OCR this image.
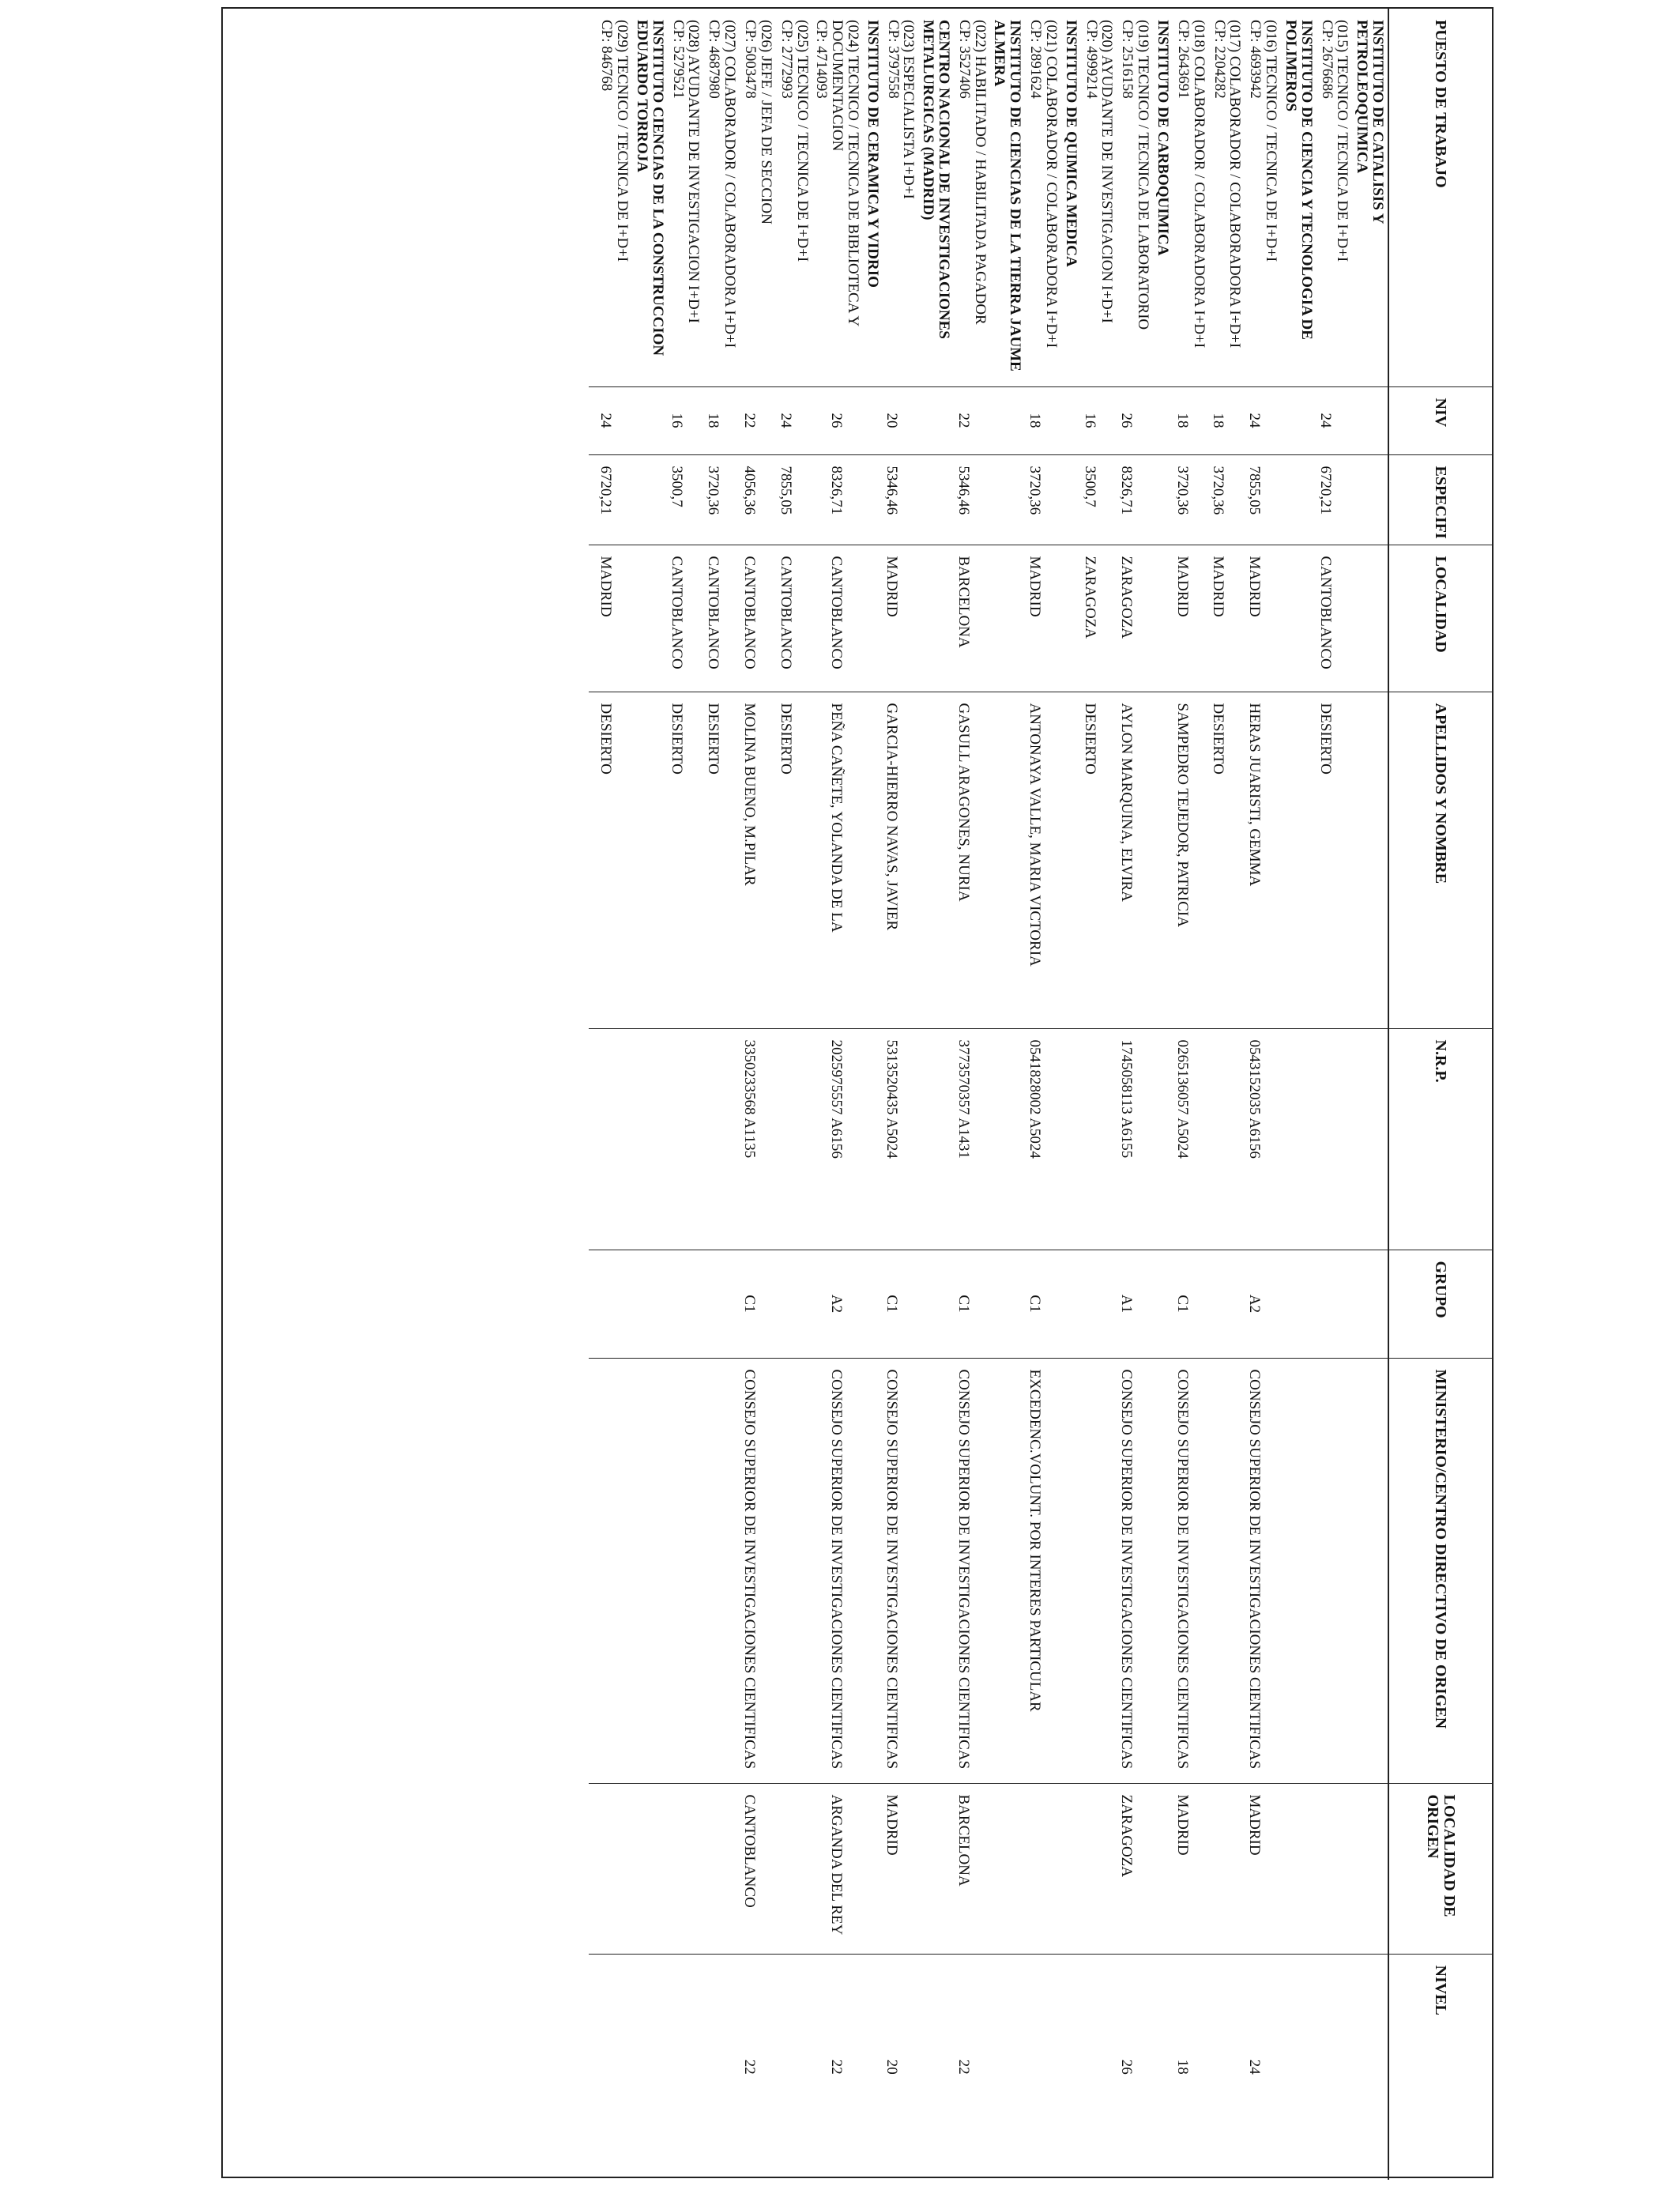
PUESTO DE TRABAJO	NIV	ESPECIFI	LOCALIDAD	APELLIDOS Y NOMBRE	N.R.P.	GRUPO	MINISTERIO/CENTRO DIRECTIVO DE ORIGEN	LOCALIDAD DE ORIGEN	NIVEL
INSTITUTO DE CATALISIS Y PETROLEOQUIMICA									

(015) TECNICO / TECNICA DE I+D+I
CP: 2676686	24	6720,21	CANTOBLANCO	DESIERTO					
INSTITUTO DE CIENCIA Y TECNOLOGIA DE POLIMEROS									

(016) TECNICO / TECNICA DE I+D+I
CP: 4693942	24	7855,05	MADRID	HERAS JUARISTI, GEMMA	0543152035 A6156	A2	CONSEJO SUPERIOR DE INVESTIGACIONES CIENTIFICAS	MADRID	24

(017) COLABORADOR / COLABORADORA I+D+I
CP: 2204282	18	3720,36	MADRID	DESIERTO					

(018) COLABORADOR / COLABORADORA I+D+I
CP: 2643691	18	3720,36	MADRID	SAMPEDRO TEJEDOR, PATRICIA	0265136057 A5024	C1	CONSEJO SUPERIOR DE INVESTIGACIONES CIENTIFICAS	MADRID	18
INSTITUTO DE CARBOQUIMICA									

(019) TECNICO / TECNICA DE LABORATORIO
CP: 2516158	26	8326,71	ZARAGOZA	AYLON MARQUINA, ELVIRA	1745058113 A6155	A1	CONSEJO SUPERIOR DE INVESTIGACIONES CIENTIFICAS	ZARAGOZA	26

(020) AYUDANTE DE INVESTIGACION I+D+I
CP: 4999214	16	3500,7	ZARAGOZA	DESIERTO					
INSTITUTO DE QUIMICA MEDICA									

(021) COLABORADOR / COLABORADORA I+D+I
CP: 2891624	18	3720,36	MADRID	ANTONAYA VALLE, MARIA VICTORIA	0541828002 A5024	C1	EXCEDENC.VOLUNT. POR INTERES PARTICULAR		
INSTITUTO DE CIENCIAS DE LA TIERRA JAUME ALMERA									

(022) HABILITADO / HABILITADA PAGADOR
CP: 3527406	22	5346,46	BARCELONA	GASULL ARAGONES, NURIA	3773570357 A1431	C1	CONSEJO SUPERIOR DE INVESTIGACIONES CIENTIFICAS	BARCELONA	22
CENTRO NACIONAL DE INVESTIGACIONES METALURGICAS (MADRID)									

(023) ESPECIALISTA I+D+I
CP: 3797558	20	5346,46	MADRID	GARCIA-HIERRO NAVAS, JAVIER	5313520435 A5024	C1	CONSEJO SUPERIOR DE INVESTIGACIONES CIENTIFICAS	MADRID	20
INSTITUTO DE CERAMICA Y VIDRIO									

(024) TECNICO / TECNICA DE BIBLIOTECA Y DOCUMENTACION
CP: 4714093	26	8326,71	CANTOBLANCO	PEÑA CAÑETE, YOLANDA DE LA	2025975557 A6156	A2	CONSEJO SUPERIOR DE INVESTIGACIONES CIENTIFICAS	ARGANDA DEL REY	22

(025) TECNICO / TECNICA DE I+D+I
CP: 2772993	24	7855,05	CANTOBLANCO	DESIERTO					

(026) JEFE / JEFA DE SECCION
CP: 5003478	22	4056,36	CANTOBLANCO	MOLINA BUENO, M.PILAR	3350233568 A1135	C1	CONSEJO SUPERIOR DE INVESTIGACIONES CIENTIFICAS	CANTOBLANCO	22

(027) COLABORADOR / COLABORADORA I+D+I
CP: 4687980	18	3720,36	CANTOBLANCO	DESIERTO					

(028) AYUDANTE DE INVESTIGACION I+D+I
CP: 5279521	16	3500,7	CANTOBLANCO	DESIERTO					
INSTITUTO CIENCIAS DE LA CONSTRUCCION EDUARDO TORROJA									

(029) TECNICO / TECNICA DE I+D+I
CP: 846768	24	6720,21	MADRID	DESIERTO					
